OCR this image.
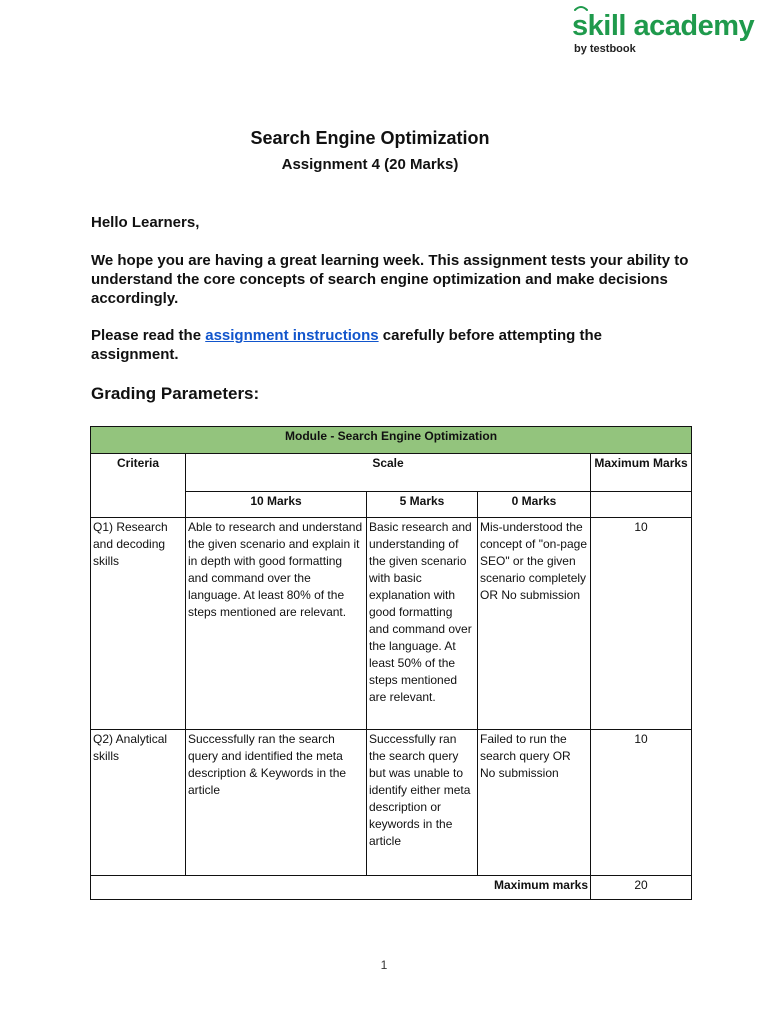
skill academy
by testbook
Search Engine Optimization
Assignment 4 (20 Marks)
Hello Learners,
We hope you are having a great learning week. This assignment tests your ability to understand the core concepts of search engine optimization and make decisions accordingly.
Please read the assignment instructions carefully before attempting the assignment.
Grading Parameters:
Module - Search Engine Optimization				
Criteria	Scale			Maximum Marks
	10 Marks	5 Marks	0 Marks	
Q1) Research and decoding skills	Able to research and understand the given scenario and explain it in depth with good formatting and command over the language. At least 80% of the steps mentioned are relevant.	Basic research and understanding of the given scenario with basic explanation with good formatting and command over the language. At least 50% of the steps mentioned are relevant.	Mis-understood the concept of "on-page SEO" or the given scenario completely OR No submission	10
Q2) Analytical skills	Successfully ran the search query and identified the meta description & Keywords in the article	Successfully ran the search query but was unable to identify either meta description or keywords in the article	Failed to run the search query OR No submission	10
Maximum marks				20
1
